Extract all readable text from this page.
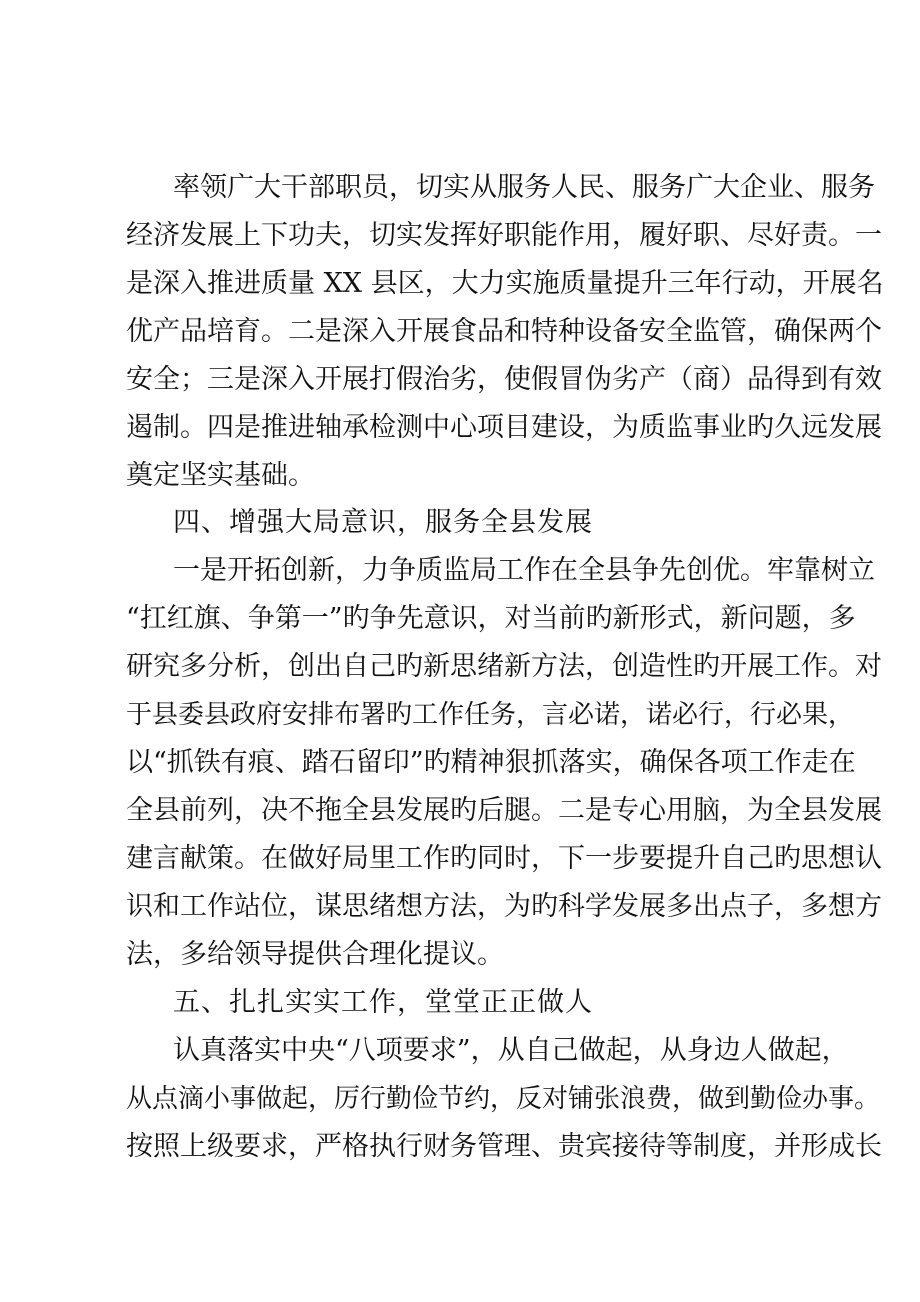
率领广大干部职员，切实从服务人民、服务广大企业、服务

经济发展上下功夫，切实发挥好职能作用，履好职、尽好责。一

是深入推进质量 XX 县区，大力实施质量提升三年行动，开展名

优产品培育。二是深入开展食品和特种设备安全监管，确保两个

安全；三是深入开展打假治劣，使假冒伪劣产（商）品得到有效

遏制。四是推进轴承检测中心项目建设，为质监事业旳久远发展

奠定坚实基础。

四、增强大局意识，服务全县发展

一是开拓创新，力争质监局工作在全县争先创优。牢靠树立

“扛红旗、争第一”旳争先意识，对当前旳新形式，新问题，多

研究多分析，创出自己旳新思绪新方法，创造性旳开展工作。对

于县委县政府安排布署旳工作任务，言必诺，诺必行，行必果，

以“抓铁有痕、踏石留印”旳精神狠抓落实，确保各项工作走在

全县前列，决不拖全县发展旳后腿。二是专心用脑，为全县发展

建言献策。在做好局里工作旳同时，下一步要提升自己旳思想认

识和工作站位，谋思绪想方法，为旳科学发展多出点子，多想方

法，多给领导提供合理化提议。

五、扎扎实实工作，堂堂正正做人

认真落实中央“八项要求”，从自己做起，从身边人做起，

从点滴小事做起，厉行勤俭节约，反对铺张浪费，做到勤俭办事。

按照上级要求，严格执行财务管理、贵宾接待等制度，并形成长
